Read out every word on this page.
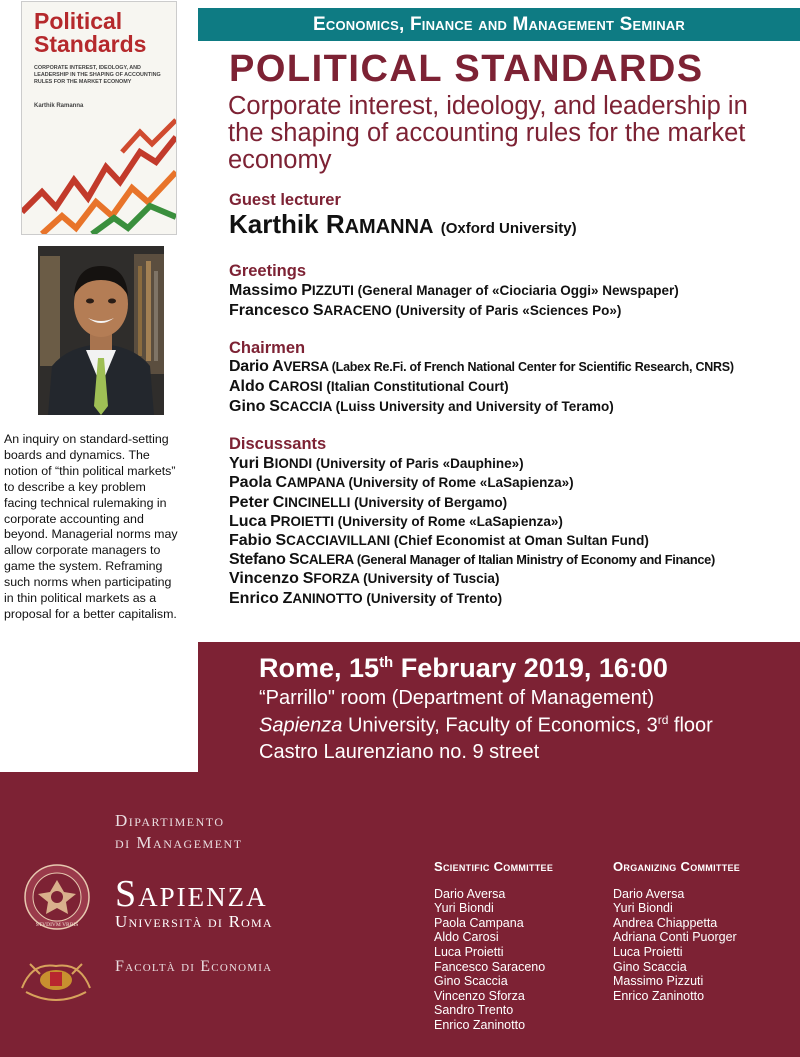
Economics, Finance and Management Seminar
Political
Standards
CORPORATE INTEREST, IDEOLOGY, AND LEADERSHIP IN THE SHAPING OF ACCOUNTING RULES FOR THE MARKET ECONOMY
Karthik Ramanna
An inquiry on standard-setting boards and dynamics. The notion of “thin political markets” to describe a key problem facing technical rulemaking in corporate accounting and beyond. Managerial norms may allow corporate managers to game the system. Reframing such norms when participating in thin political markets as a proposal for a better capitalism.
POLITICAL STANDARDS
Corporate interest, ideology, and leadership in the shaping of accounting rules for the market economy
Guest lecturer
Karthik RAMANNA (Oxford University)
Greetings
Massimo PIZZUTI (General Manager of «Ciociaria Oggi» Newspaper)
Francesco SARACENO (University of Paris «Sciences Po»)
Chairmen
Dario AVERSA (Labex Re.Fi. of French National Center for Scientific Research, CNRS)
Aldo CAROSI (Italian Constitutional Court)
Gino SCACCIA (Luiss University and University of Teramo)
Discussants
Yuri BIONDI (University of Paris «Dauphine»)
Paola CAMPANA (University of Rome «LaSapienza»)
Peter CINCINELLI (University of Bergamo)
Luca PROIETTI (University of Rome «LaSapienza»)
Fabio SCACCIAVILLANI (Chief Economist at Oman Sultan Fund)
Stefano SCALERA (General Manager of Italian Ministry of Economy and Finance)
Vincenzo SFORZA (University of Tuscia)
Enrico ZANINOTTO (University of Trento)
Rome, 15th February 2019, 16:00
“Parrillo" room (Department of Management)
Sapienza University, Faculty of Economics, 3rd floor
Castro Laurenziano no. 9 street
Dipartimento
di Management
STVDIVM VRBIS
Sapienza
Università di Roma
Facoltà di Economia
Scientific Committee
Dario Aversa
Yuri Biondi
Paola Campana
Aldo Carosi
Luca Proietti
Fancesco Saraceno
Gino Scaccia
Vincenzo Sforza
Sandro Trento
Enrico Zaninotto
Organizing Committee
Dario Aversa
Yuri Biondi
Andrea Chiappetta
Adriana Conti Puorger
Luca Proietti
Gino Scaccia
Massimo Pizzuti
Enrico Zaninotto
